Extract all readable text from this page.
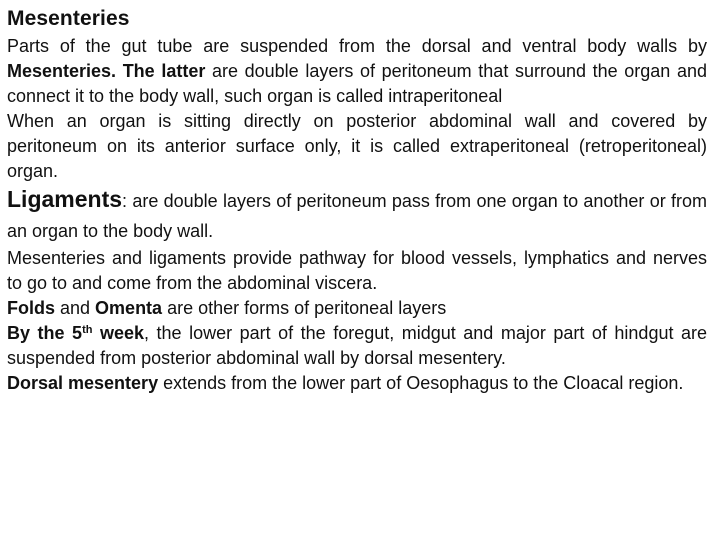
Mesenteries

Parts of the gut tube are suspended from the dorsal and ventral body walls by Mesenteries. The latter are double layers of peritoneum that surround the organ and connect it to the body wall, such organ is called intraperitoneal

When an organ is sitting directly on posterior abdominal wall and covered by peritoneum on its anterior surface only, it is called extraperitoneal (retroperitoneal) organ.

Ligaments: are double layers of peritoneum pass from one organ to another or from an organ to the body wall.

Mesenteries and ligaments provide pathway for blood vessels, lymphatics and nerves to go to and come from the abdominal viscera.

Folds and Omenta are other forms of peritoneal layers

By the 5th week, the lower part of the foregut, midgut and major part of hindgut are suspended from posterior abdominal wall by dorsal mesentery.

Dorsal mesentery extends from the lower part of Oesophagus to the Cloacal region.
